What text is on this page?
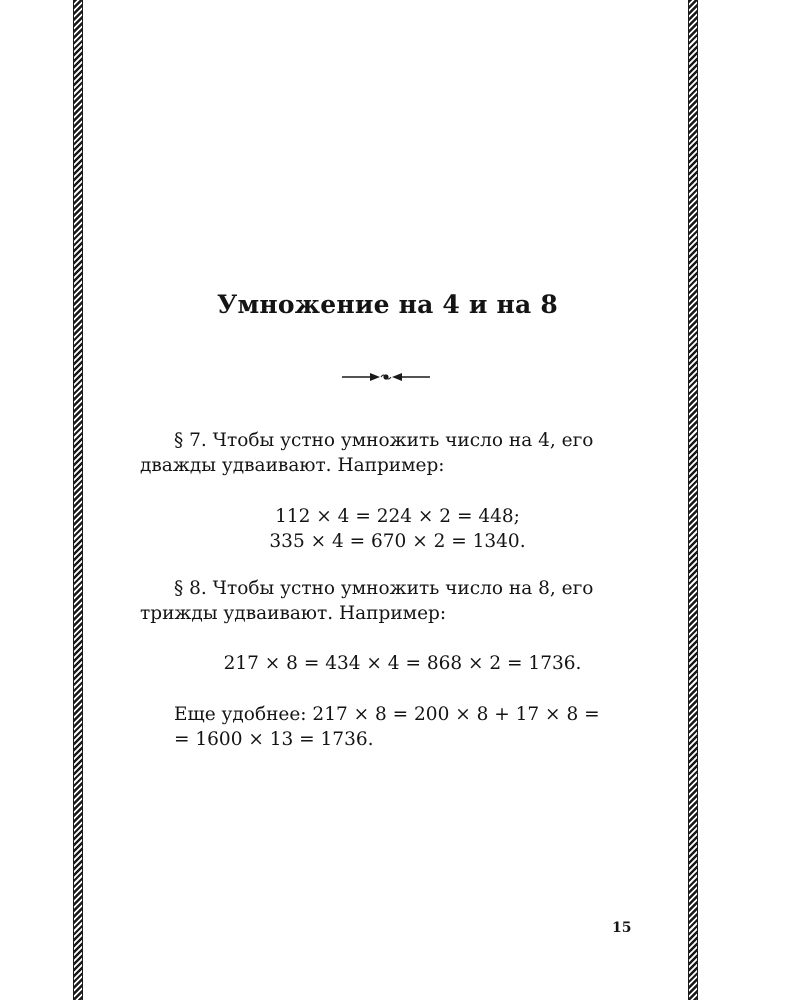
Умножение на 4 и на 8

§ 7. Чтобы устно умножить число на 4, его
дважды удваивают. Например:

112 × 4 = 224 × 2 = 448;
335 × 4 = 670 × 2 = 1340.

§ 8. Чтобы устно умножить число на 8, его
трижды удваивают. Например:

217 × 8 = 434 × 4 = 868 × 2 = 1736.
Еще удобнее: 217 × 8 = 200 × 8 + 17 × 8 =
= 1600 × 13 = 1736.
15
